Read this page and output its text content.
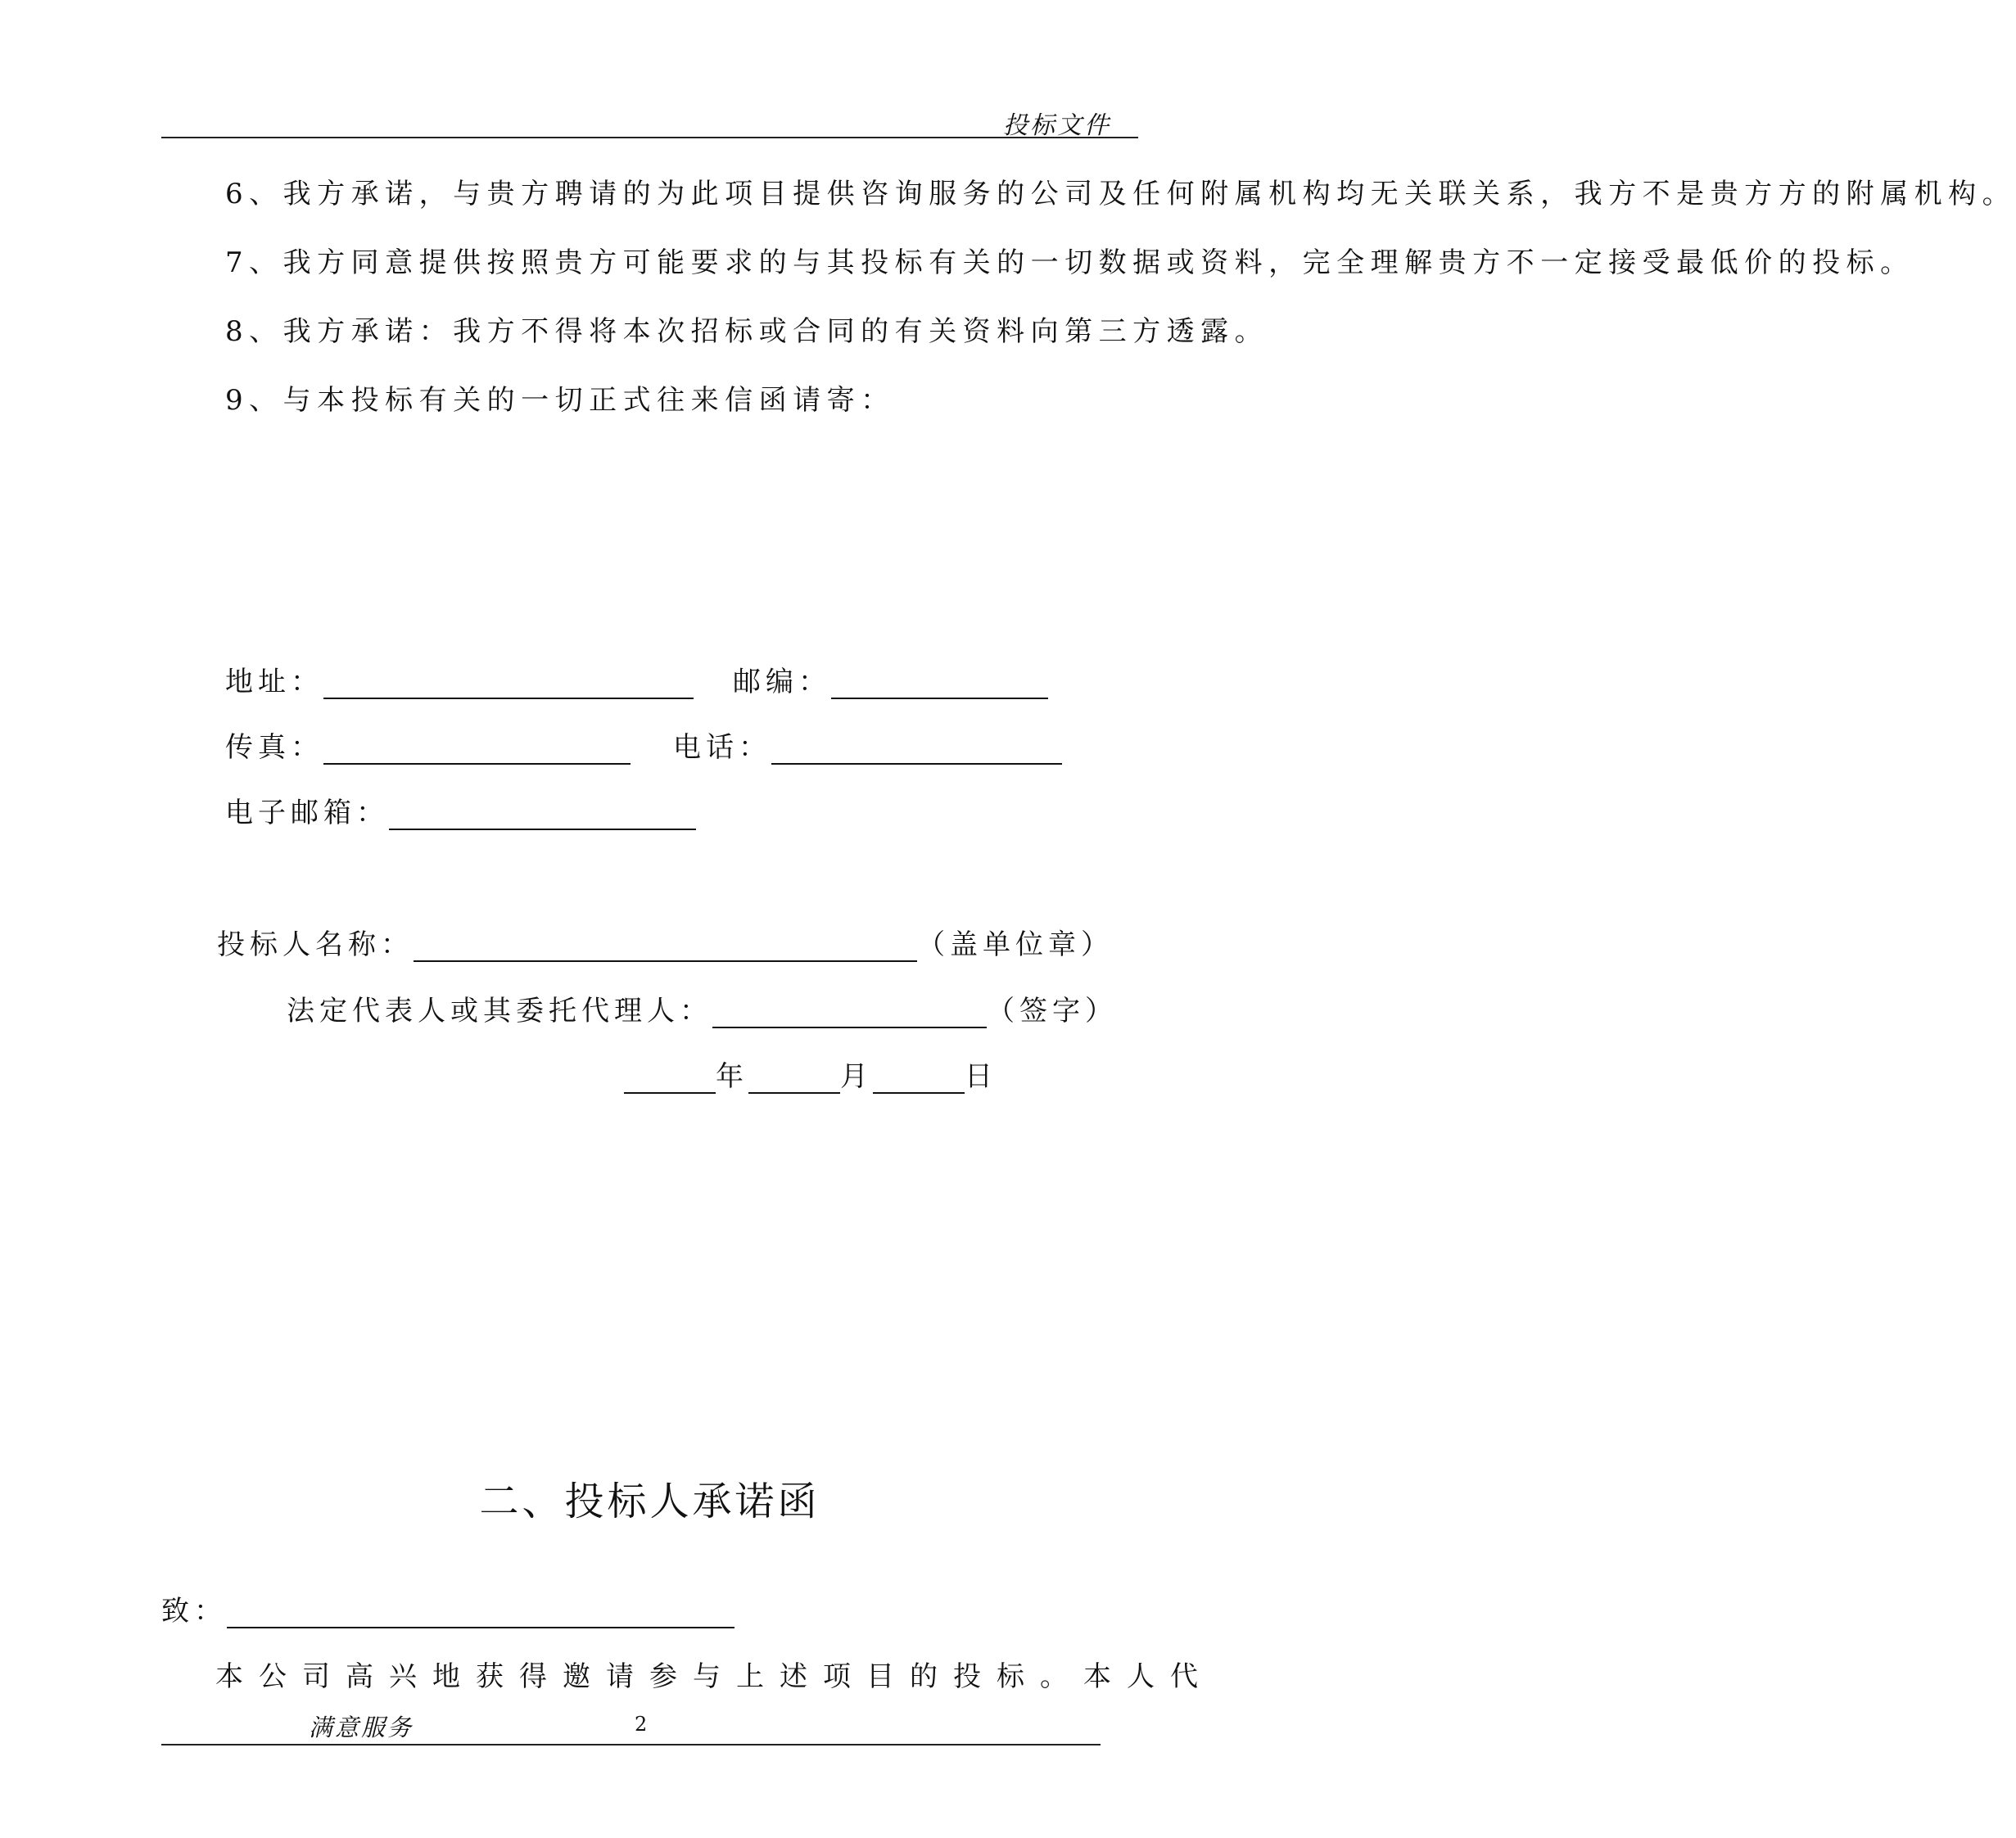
投标文件

6、我方承诺，与贵方聘请的为此项目提供咨询服务的公司及任何附属机构均无关联关系，我方不是贵方方的附属机构。

7、我方同意提供按照贵方可能要求的与其投标有关的一切数据或资料，完全理解贵方不一定接受最低价的投标。

8、我方承诺：我方不得将本次招标或合同的有关资料向第三方透露。

9、与本投标有关的一切正式往来信函请寄：

地址：	邮编：
传真：	电话：
电子邮箱：
投标人名称：	（盖单位章）
法定代表人或其委托代理人：	（签字）
年	月	日
二、投标人承诺函
致：
本公司高兴地获得邀请参与上述项目的投标。本人代
满意服务	2
